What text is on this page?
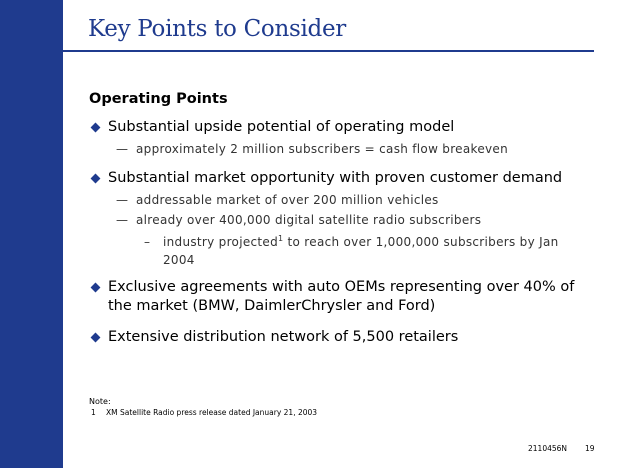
Key Points to Consider
Operating Points
Substantial upside potential of operating model
— approximately 2 million subscribers = cash flow breakeven
Substantial market opportunity with proven customer demand
— addressable market of over 200 million vehicles
— already over 400,000 digital satellite radio subscribers
– industry projected$^1$ to reach over 1,000,000 subscribers by Jan 2004
Exclusive agreements with auto OEMs representing over 40% of the market (BMW, DaimlerChrysler and Ford)
Extensive distribution network of 5,500 retailers
Note:
1 XM Satellite Radio press release dated January 21, 2003
2110456N 19
